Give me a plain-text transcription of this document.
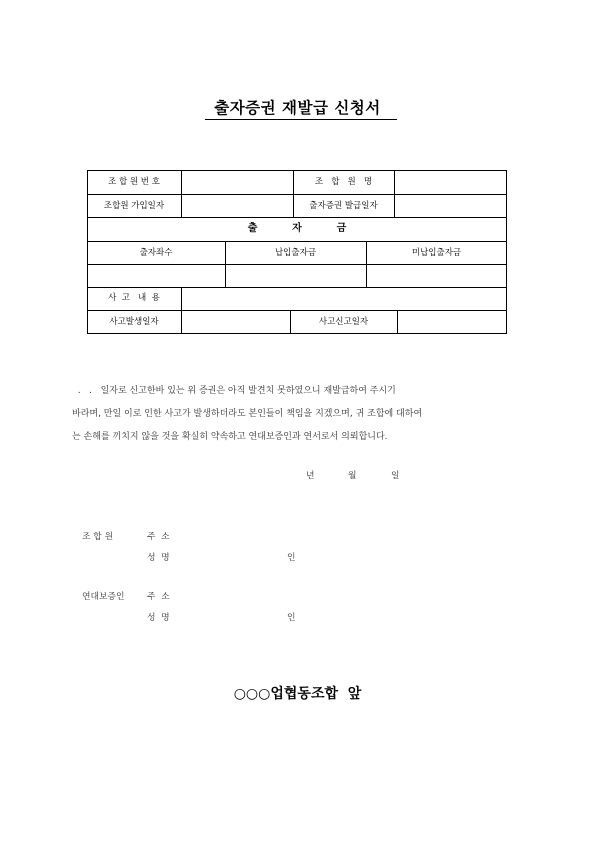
출자증권 재발급 신청서
조 합 원 번 호	조   합   원   명
조합원 가입일자	출자증권 발급일자
출          자          금
출자좌수	납입출자금	미납입출자금
사  고   내  용
사고발생일자	사고신고일자
.   .   일자로 신고한바 있는 위 증권은 아직 발견치 못하였으니 재발급하여 주시기
바라며, 만일 이로 인한 사고가 발생하더라도 본인들이 책임을 지겠으며, 귀 조합에 대하여
는 손해를 끼치지 않을 것을 확실히 약속하고 연대보증인과 연서로서 의뢰합니다.
년	월	일
조 합 원	주  소
성  명	인
연대보증인	주  소
성  명	인
○○○업협동조합  앞
